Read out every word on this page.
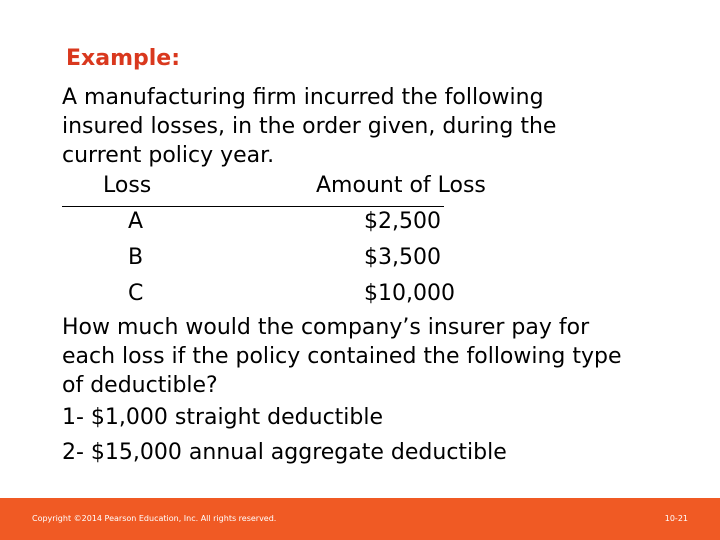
Example:
A manufacturing firm incurred the following insured losses, in the order given, during the current policy year.
Loss	Amount of Loss
A	$2,500
B	$3,500
C	$10,000
How much would the company’s insurer pay for each loss if the policy contained the following type of deductible?
1- $1,000 straight deductible
2- $15,000 annual aggregate deductible
Copyright ©2014 Pearson Education, Inc. All rights reserved.	10-21
